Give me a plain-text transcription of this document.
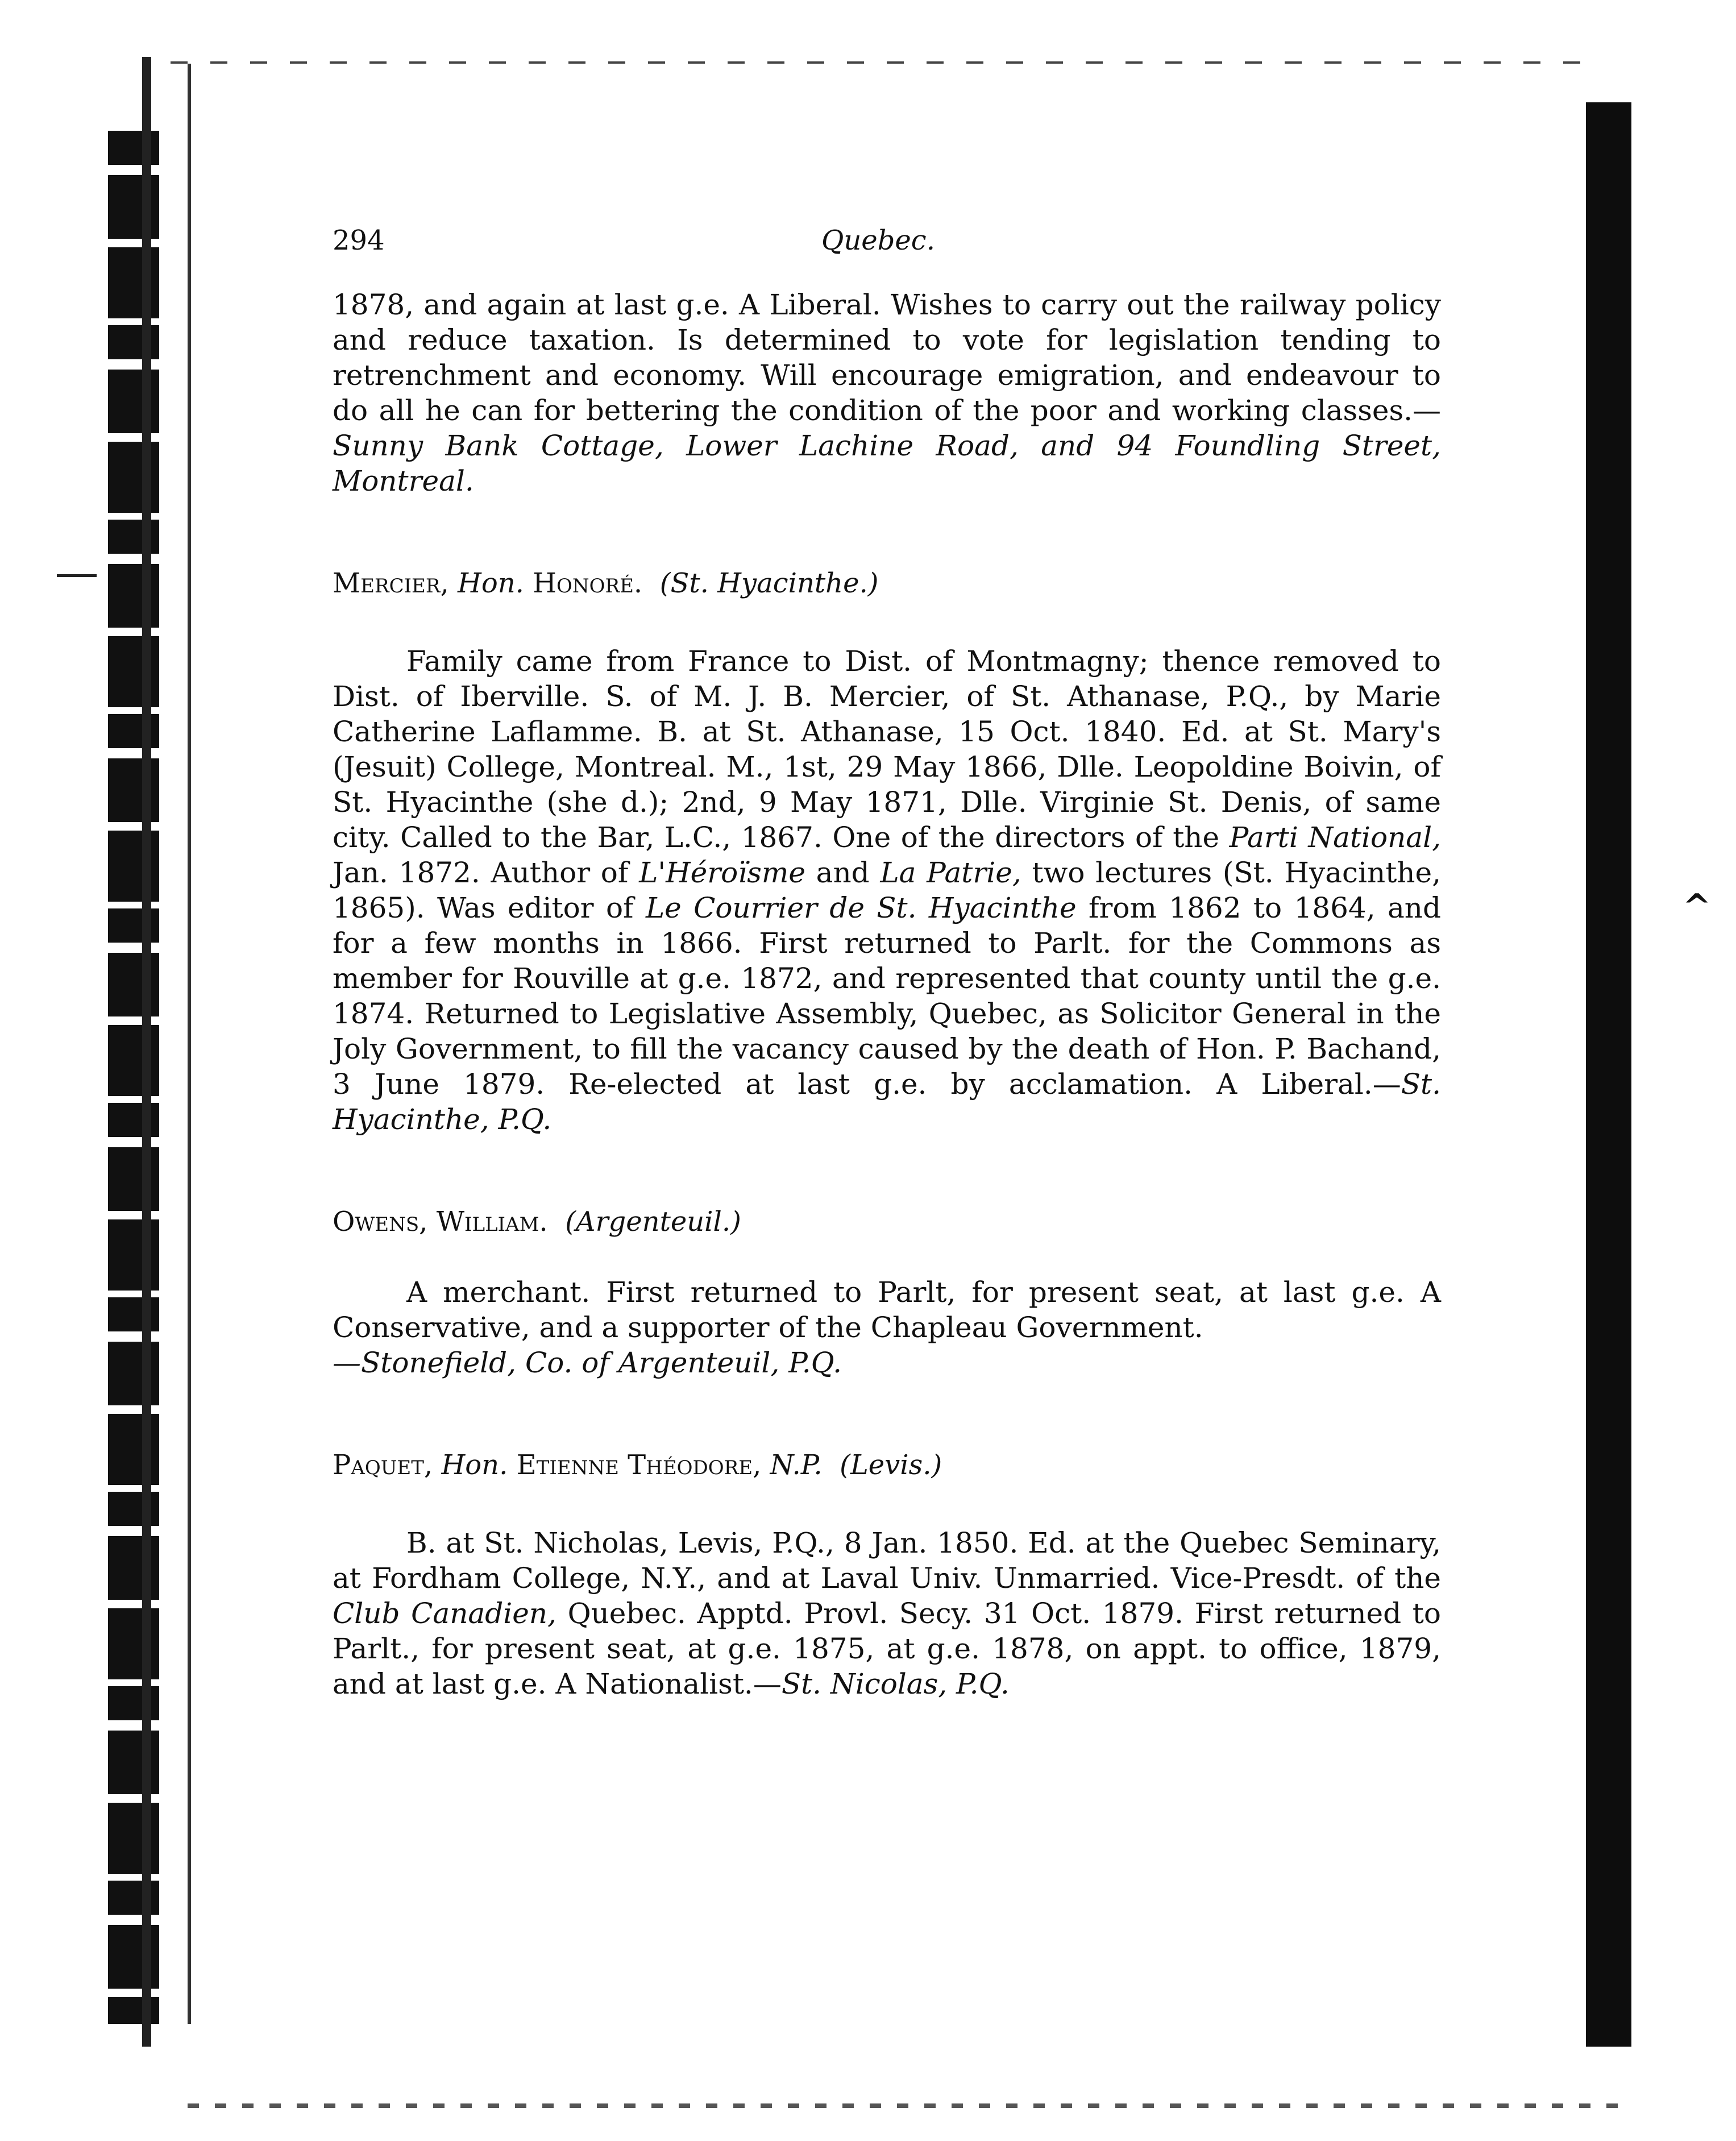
^
294	Quebec.

1878, and again at last g.e. A Liberal. Wishes to carry out the railway policy and reduce taxation. Is determined to vote for legislation tending to retrenchment and economy. Will encourage emigration, and endeavour to do all he can for bettering the condition of the poor and working classes.—Sunny Bank Cottage, Lower Lachine Road, and 94 Foundling Street, Montreal.

Mercier, Hon. Honoré. (St. Hyacinthe.)

Family came from France to Dist. of Montmagny; thence removed to Dist. of Iberville. S. of M. J. B. Mercier, of St. Athanase, P.Q., by Marie Catherine Laflamme. B. at St. Athanase, 15 Oct. 1840. Ed. at St. Mary's (Jesuit) College, Montreal. M., 1st, 29 May 1866, Dlle. Leopoldine Boivin, of St. Hyacinthe (she d.); 2nd, 9 May 1871, Dlle. Virginie St. Denis, of same city. Called to the Bar, L.C., 1867. One of the directors of the Parti National, Jan. 1872. Author of L'Héroïsme and La Patrie, two lectures (St. Hyacinthe, 1865). Was editor of Le Courrier de St. Hyacinthe from 1862 to 1864, and for a few months in 1866. First returned to Parlt. for the Commons as member for Rouville at g.e. 1872, and represented that county until the g.e. 1874. Returned to Legislative Assembly, Quebec, as Solicitor General in the Joly Government, to fill the vacancy caused by the death of Hon. P. Bachand, 3 June 1879. Re-elected at last g.e. by acclamation. A Liberal.—St. Hyacinthe, P.Q.

Owens, William. (Argenteuil.)

A merchant. First returned to Parlt, for present seat, at last g.e. A Conservative, and a supporter of the Chapleau Government.
—Stonefield, Co. of Argenteuil, P.Q.

Paquet, Hon. Etienne Théodore, N.P. (Levis.)

B. at St. Nicholas, Levis, P.Q., 8 Jan. 1850. Ed. at the Quebec Seminary, at Fordham College, N.Y., and at Laval Univ. Unmarried. Vice-Presdt. of the Club Canadien, Quebec. Apptd. Provl. Secy. 31 Oct. 1879. First returned to Parlt., for present seat, at g.e. 1875, at g.e. 1878, on appt. to office, 1879, and at last g.e. A Nationalist.—St. Nicolas, P.Q.
